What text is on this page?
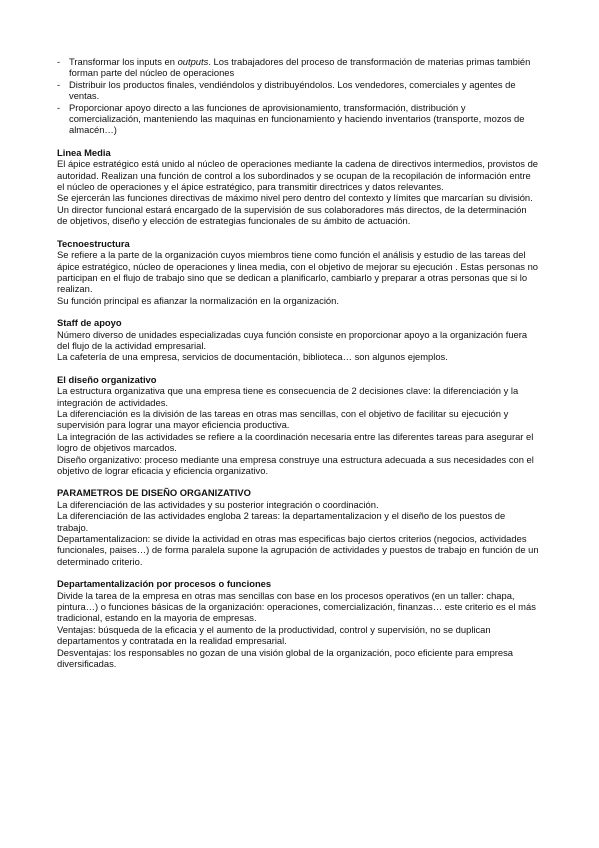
- Transformar los inputs en outputs. Los trabajadores del proceso de transformación de materias primas también forman parte del núcleo de operaciones
- Distribuir los productos finales, vendiéndolos y distribuyéndolos. Los vendedores, comerciales y agentes de ventas.
- Proporcionar apoyo directo a las funciones de aprovisionamiento, transformación, distribución y comercialización, manteniendo las maquinas en funcionamiento y haciendo inventarios (transporte, mozos de almacén…)
Linea Media

El ápice estratégico está unido al núcleo de operaciones mediante la cadena de directivos intermedios, provistos de autoridad. Realizan una función de control a los subordinados y se ocupan de la recopilación de información entre el núcleo de operaciones y el ápice estratégico, para transmitir directrices y datos relevantes.

Se ejercerán las funciones directivas de máximo nivel pero dentro del contexto y límites que marcarían su división. Un director funcional estará encargado de la supervisión de sus colaboradores más directos, de la determinación de objetivos, diseño y elección de estrategias funcionales de su ámbito de actuación.

Tecnoestructura

Se refiere a la parte de la organización cuyos miembros tiene como función el análisis y estudio de las tareas del ápice estratégico, núcleo de operaciones y linea media, con el objetivo de mejorar su ejecución . Estas personas no participan en el flujo de trabajo sino que se dedican a planificarlo, cambiarlo y preparar a otras personas que si lo realizan.

Su función principal es afianzar la normalización en la organización.

Staff de apoyo

Número diverso de unidades especializadas cuya función consiste en proporcionar apoyo a la organización fuera del flujo de la actividad empresarial.

La cafetería de una empresa, servicios de documentación, biblioteca… son algunos ejemplos.

El diseño organizativo

La estructura organizativa que una empresa tiene es consecuencia de 2 decisiones clave: la diferenciación y la integración de actividades.

La diferenciación es la división de las tareas en otras mas sencillas, con el objetivo de facilitar su ejecución y supervisión para lograr una mayor eficiencia productiva.

La integración de las actividades se refiere a la coordinación necesaria entre las diferentes tareas para asegurar el logro de objetivos marcados.

Diseño organizativo: proceso mediante una empresa construye una estructura adecuada a sus necesidades con el objetivo de lograr eficacia y eficiencia organizativo.

PARAMETROS DE DISEÑO ORGANIZATIVO

La diferenciación de las actividades y su posterior integración o coordinación.

La diferenciación de las actividades engloba 2 tareas: la departamentalizacion y el diseño de los puestos de trabajo.

Departamentalizacion: se divide la actividad en otras mas especificas bajo ciertos criterios (negocios, actividades funcionales, paises…) de forma paralela supone la agrupación de actividades y puestos de trabajo en función de un determinado criterio.

Departamentalización por procesos o funciones

Divide la tarea de la empresa en otras mas sencillas con base en los procesos operativos (en un taller: chapa, pintura…) o funciones básicas de la organización: operaciones, comercialización, finanzas… este criterio es el más tradicional, estando en la mayoria de empresas.

Ventajas: búsqueda de la eficacia y el aumento de la productividad, control y supervisión, no se duplican departamentos y contratada en la realidad empresarial.

Desventajas: los responsables no gozan de una visión global de la organización, poco eficiente para empresa diversificadas.
